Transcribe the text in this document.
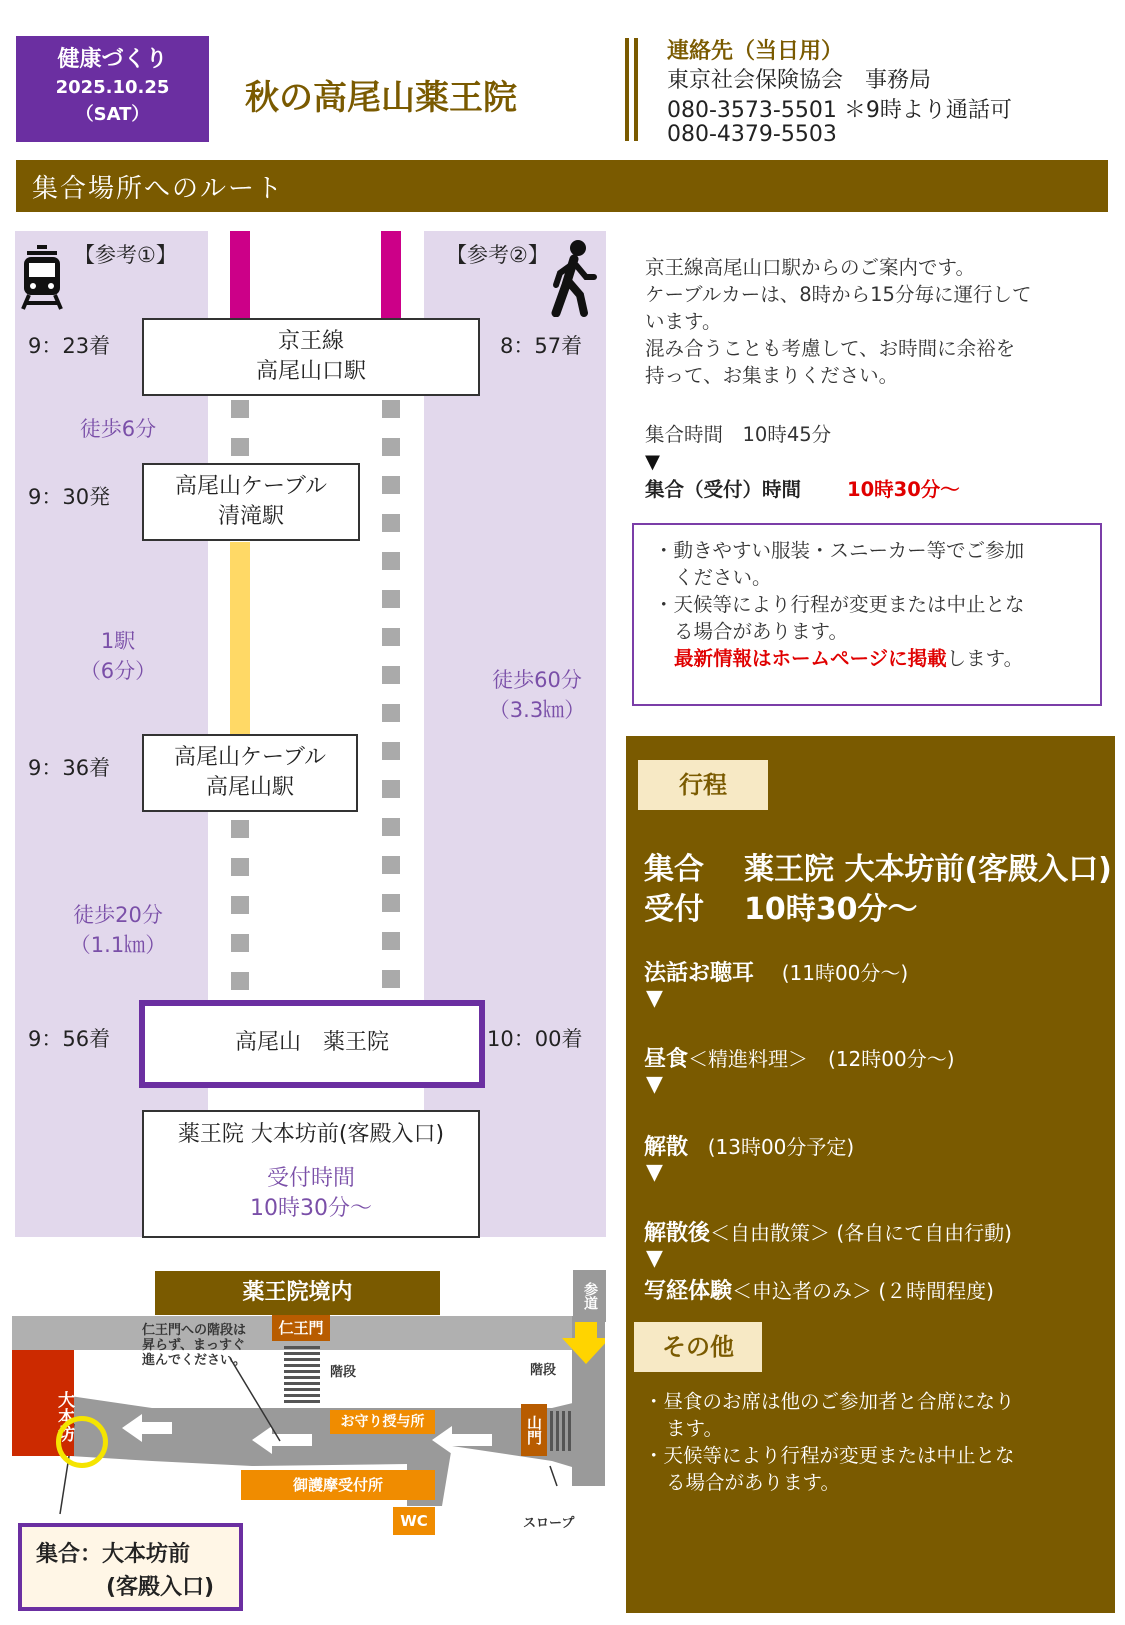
健康づくり
2025.10.25
（SAT）	秋の高尾山薬王院
連絡先（当日用）
東京社会保険協会　事務局
080-3573-5501 ＊9時より通話可
080-4379-5503
集合場所へのルート
【参考①】	【参考②】
9：23着
9：30発
9：36着
9：56着
8：57着
10：00着
京王線
高尾山口駅
高尾山ケーブル
清滝駅
高尾山ケーブル
高尾山駅
高尾山　薬王院
薬王院 大本坊前(客殿入口)
受付時間
10時30分～
徒歩6分
1駅
（6分）
徒歩20分
（1.1㎞）
徒歩60分
（3.3㎞）
京王線高尾山口駅からのご案内です。
ケーブルカーは、8時から15分毎に運行して
います。
混み合うことも考慮して、お時間に余裕を
持って、お集まりください。
集合時間　10時45分
▼
集合（受付）時間 10時30分～
・動きやすい服装・スニーカー等でご参加
ください。
・天候等により行程が変更または中止とな
る場合があります。
最新情報はホームページに掲載します。
行程
集合 薬王院 大本坊前(客殿入口)
受付 10時30分～
法話お聴耳 (11時00分～)
▼
昼食＜精進料理＞　(12時00分～)
▼
解散 (13時00分予定)
▼
解散後＜自由散策＞ (各自にて自由行動)
▼
写経体験＜申込者のみ＞ (２時間程度)
その他
・昼食のお席は他のご参加者と合席になり
ます。
・天候等により行程が変更または中止とな
る場合があります。
薬王院境内
大本坊
仁王門
仁王門への階段は昇らず、まっすぐ進んでください。
階段
お守り授与所
御護摩受付所
WC
山門
階段
参道
スロープ
集合：大本坊前
(客殿入口)
